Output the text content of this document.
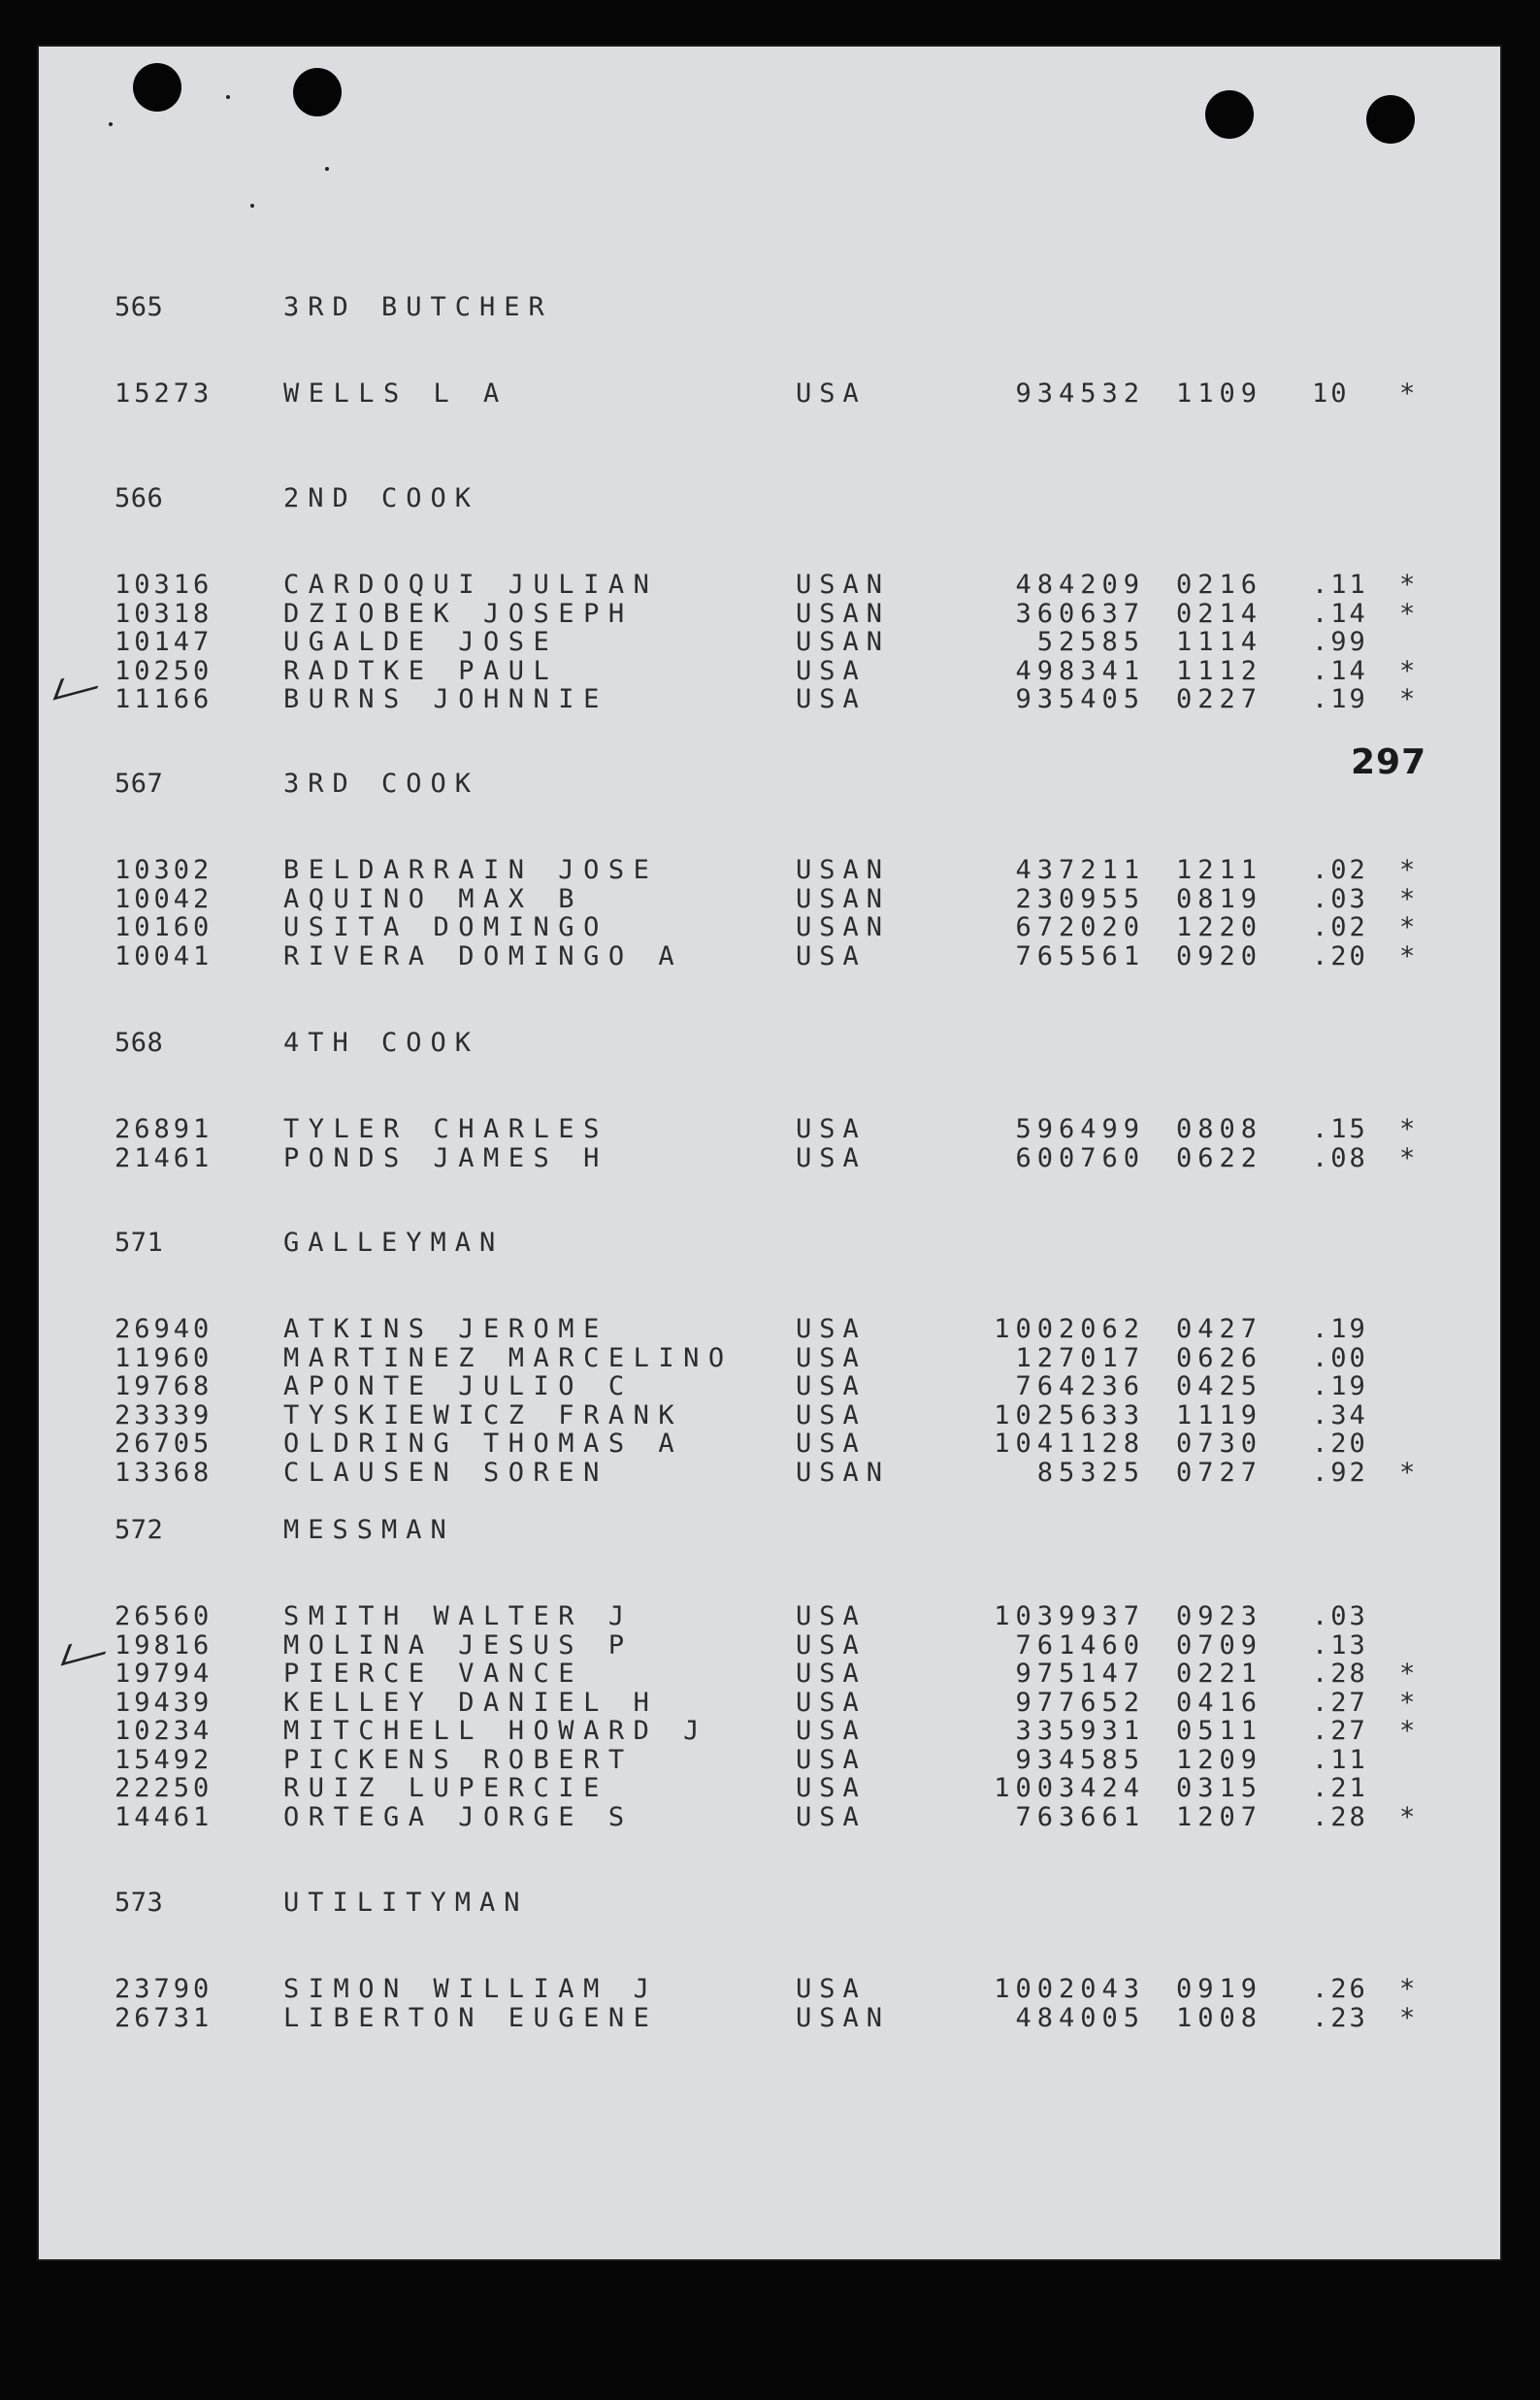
297
565	3RD BUTCHER
15273	WELLS L A	USA	934532 1109 10 *
566	2ND COOK
10316	CARDOQUI JULIAN	USAN	484209 0216 .11 *
10318	DZIOBEK JOSEPH	USAN	360637 0214 .14 *
10147	UGALDE JOSE	USAN	52585 1114 .99
10250	RADTKE PAUL	USA	498341 1112 .14 *
11166	BURNS JOHNNIE	USA	935405 0227 .19 *
567	3RD COOK
10302	BELDARRAIN JOSE	USAN	437211 1211 .02 *
10042	AQUINO MAX B	USAN	230955 0819 .03 *
10160	USITA DOMINGO	USAN	672020 1220 .02 *
10041	RIVERA DOMINGO A	USA	765561 0920 .20 *
568	4TH COOK
26891	TYLER CHARLES	USA	596499 0808 .15 *
21461	PONDS JAMES H	USA	600760 0622 .08 *
571	GALLEYMAN
26940	ATKINS JEROME	USA	1002062 0427 .19
11960	MARTINEZ MARCELINO USA	127017 0626 .00
19768	APONTE JULIO C	USA	764236 0425 .19
23339	TYSKIEWICZ FRANK	USA	1025633 1119 .34
26705	OLDRING THOMAS A	USA	1041128 0730 .20
13368	CLAUSEN SOREN	USAN	85325 0727 .92 *
572	MESSMAN
26560	SMITH WALTER J	USA	1039937 0923 .03
19816	MOLINA JESUS P	USA	761460 0709 .13
19794	PIERCE VANCE	USA	975147 0221 .28 *
19439	KELLEY DANIEL H	USA	977652 0416 .27 *
10234	MITCHELL HOWARD J	USA	335931 0511 .27 *
15492	PICKENS ROBERT	USA	934585 1209 .11
22250	RUIZ LUPERCIE	USA	1003424 0315 .21
14461	ORTEGA JORGE S	USA	763661 1207 .28 *
573	UTILITYMAN
23790	SIMON WILLIAM J	USA	1002043 0919 .26 *
26731	LIBERTON EUGENE	USAN	484005 1008 .23 *
